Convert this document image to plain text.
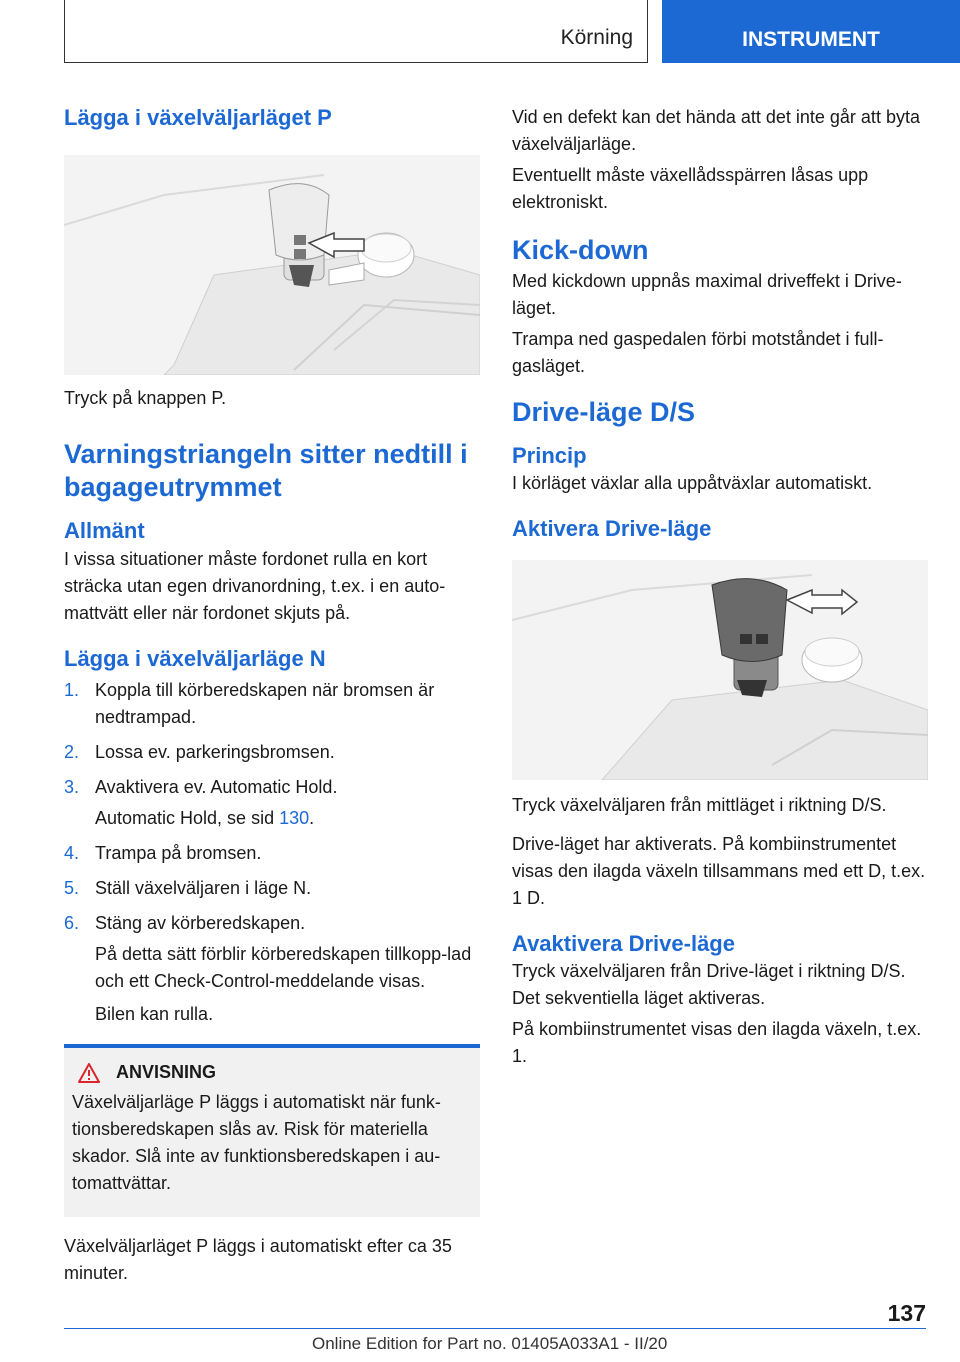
Körning	INSTRUMENT
Lägga i växelväljarläget P

Tryck på knappen P.

Varningstriangeln sitter nedtill i bagageutrymmet
Allmänt

I vissa situationer måste fordonet rulla en kort sträcka utan egen drivanordning, t.ex. i en auto-mattvätt eller när fordonet skjuts på.

Lägga i växelväljarläge N
1. Koppla till körberedskapen när bromsen är nedtrampad.
2. Lossa ev. parkeringsbromsen.
3. Avaktivera ev. Automatic Hold.
Automatic Hold, se sid 130.
4. Trampa på bromsen.
5. Ställ växelväljaren i läge N.
6. Stäng av körberedskapen.
På detta sätt förblir körberedskapen tillkopp-lad och ett Check-Control-meddelande visas.
Bilen kan rulla.
ANVISNING

Växelväljarläge P läggs i automatiskt när funk-tionsberedskapen slås av. Risk för materiella skador. Slå inte av funktionsberedskapen i au-tomattvättar.

Växelväljarläget P läggs i automatiskt efter ca 35 minuter.

Vid en defekt kan det hända att det inte går att byta växelväljarläge.

Eventuellt måste växellådsspärren låsas upp elektroniskt.

Kick-down

Med kickdown uppnås maximal driveffekt i Drive-läget.

Trampa ned gaspedalen förbi motståndet i full-gasläget.

Drive-läge D/S
Princip

I körläget växlar alla uppåtväxlar automatiskt.

Aktivera Drive-läge

Tryck växelväljaren från mittläget i riktning D/S.

Drive-läget har aktiverats. På kombiinstrumentet visas den ilagda växeln tillsammans med ett D, t.ex. 1 D.

Avaktivera Drive-läge

Tryck växelväljaren från Drive-läget i riktning D/S. Det sekventiella läget aktiveras.

På kombiinstrumentet visas den ilagda växeln, t.ex. 1.

137
Online Edition for Part no. 01405A033A1 - II/20
